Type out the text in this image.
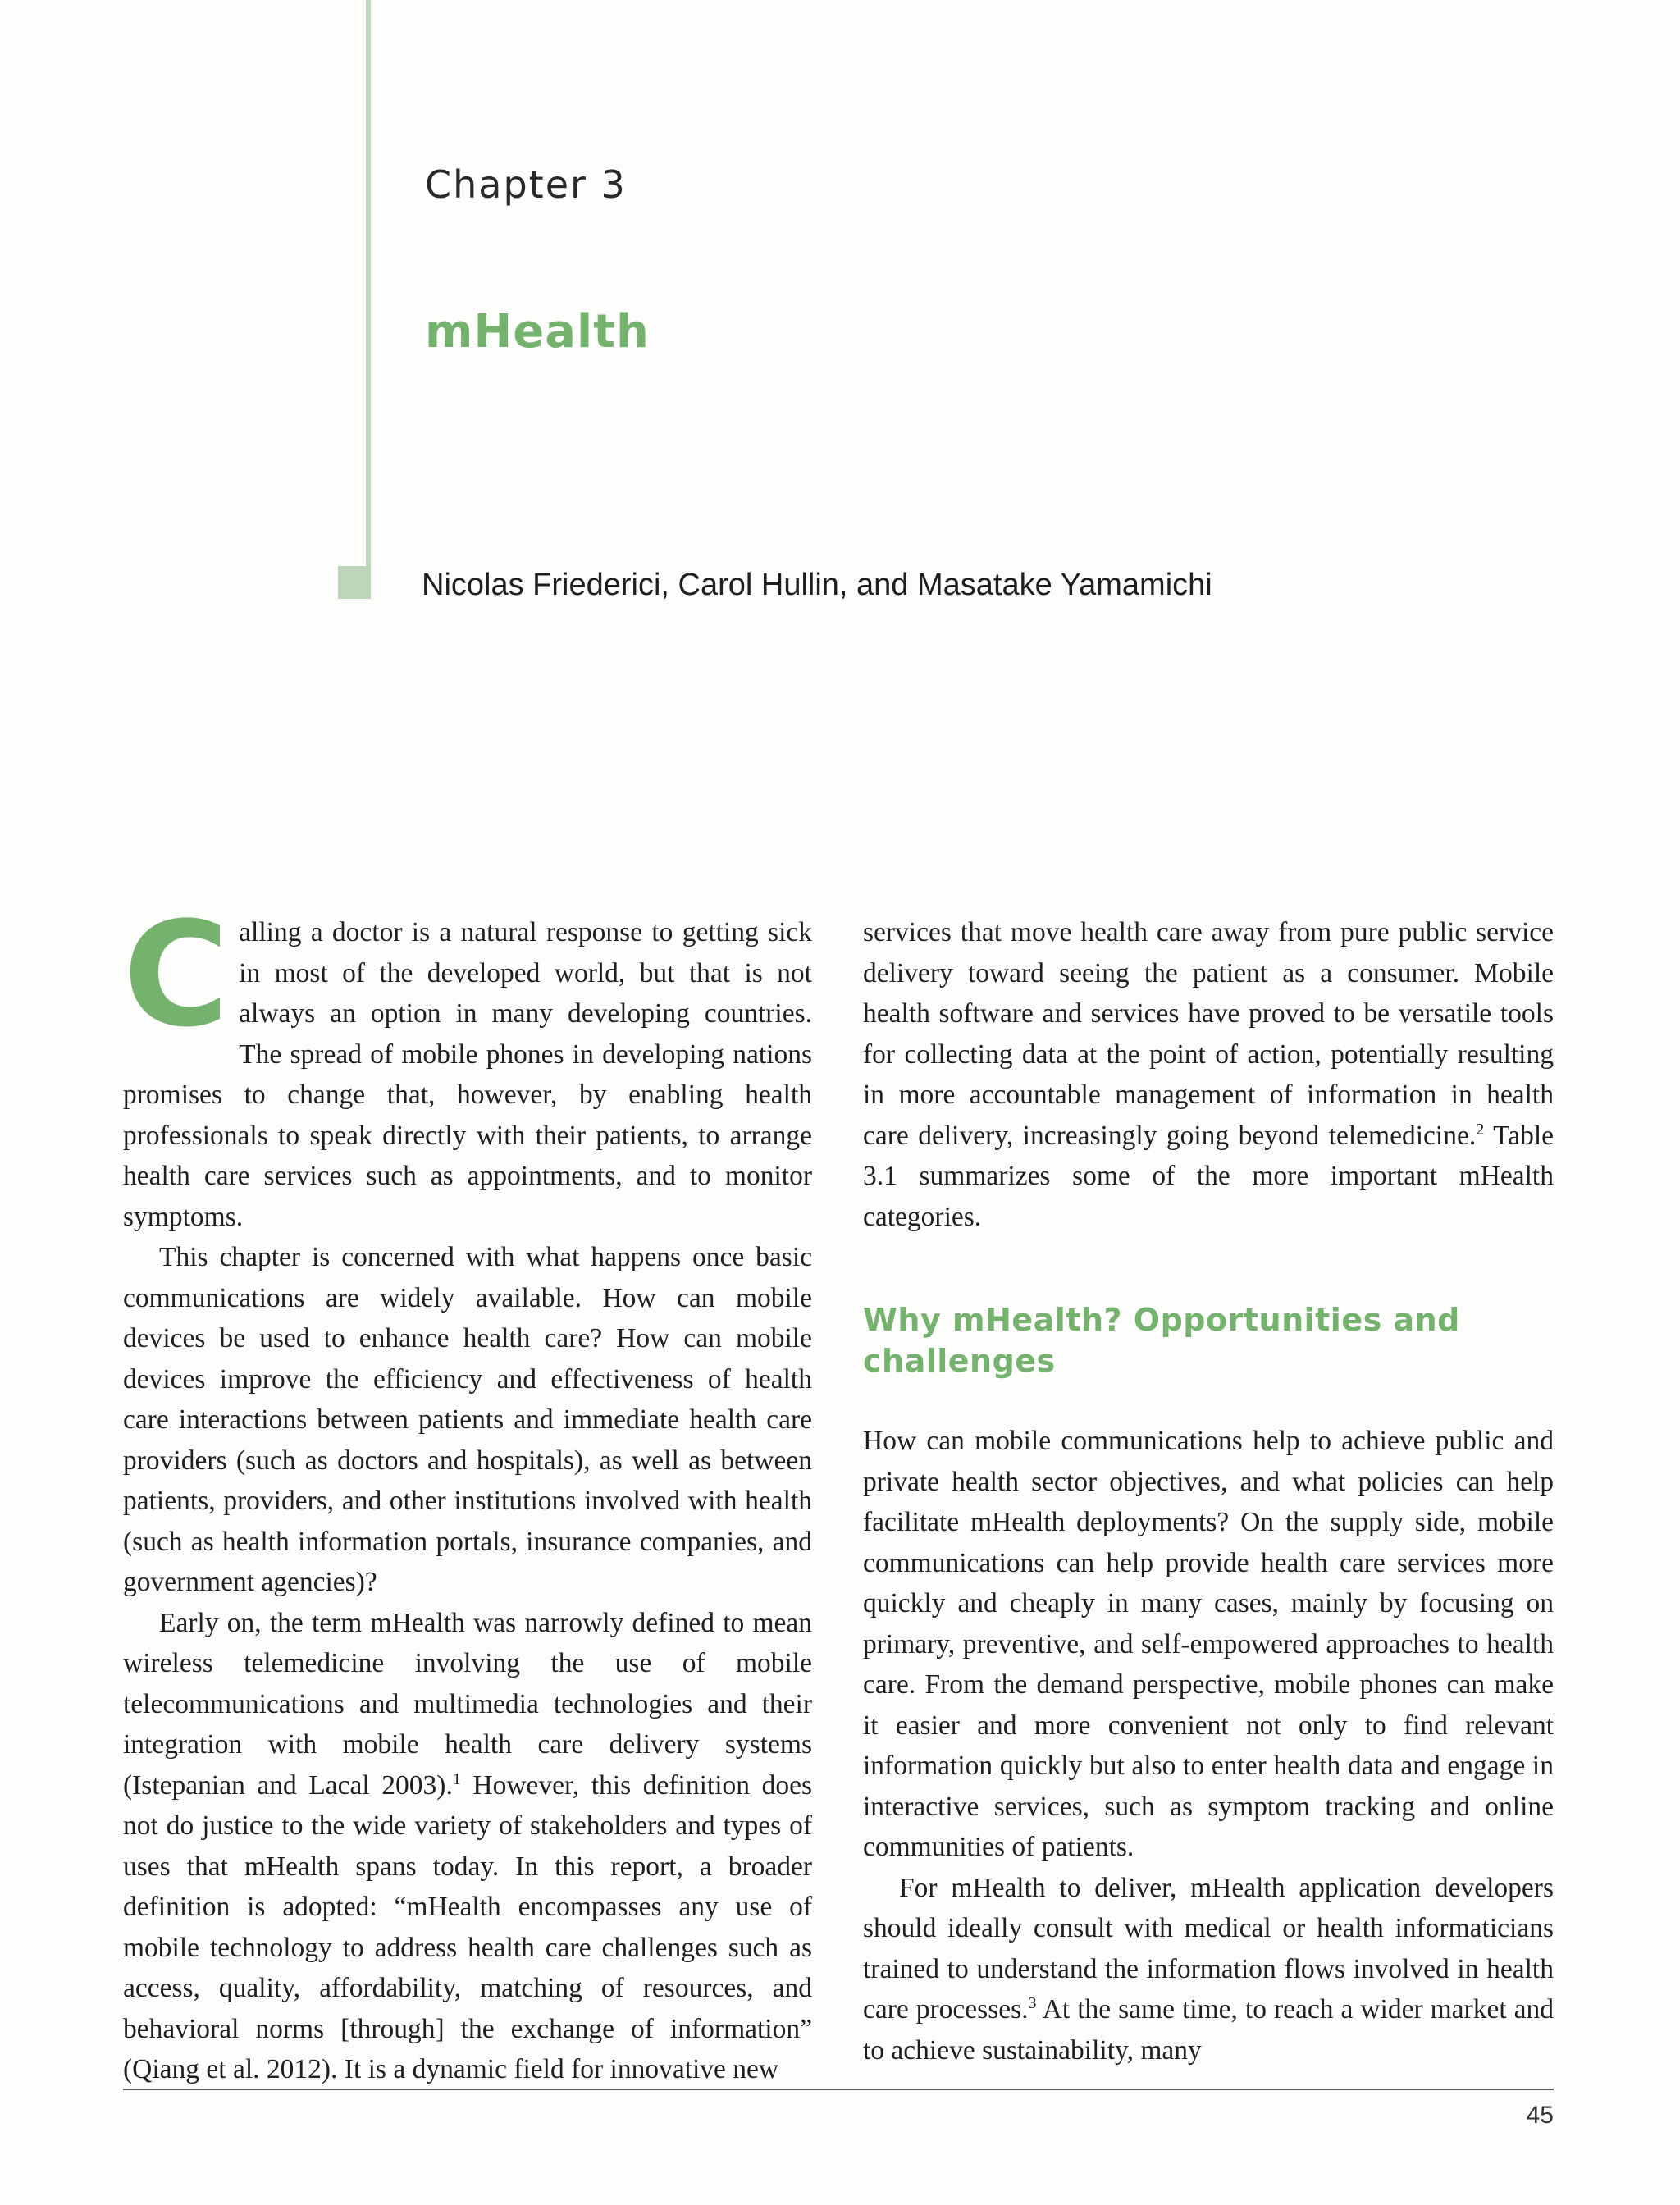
Chapter 3
mHealth
Nicolas Friederici, Carol Hullin, and Masatake Yamamichi

Calling a doctor is a natural response to getting sick in most of the developed world, but that is not always an option in many developing countries. The spread of mobile phones in developing nations promises to change that, however, by enabling health professionals to speak directly with their patients, to arrange health care services such as appointments, and to monitor symptoms.

This chapter is concerned with what happens once basic communications are widely available. How can mobile devices be used to enhance health care? How can mobile devices improve the efficiency and effectiveness of health care interactions between patients and immediate health care providers (such as doctors and hospitals), as well as between patients, providers, and other institutions involved with health (such as health information portals, insurance companies, and government agencies)?

Early on, the term mHealth was narrowly defined to mean wireless telemedicine involving the use of mobile telecommunications and multimedia technologies and their integration with mobile health care delivery systems (Istepanian and Lacal 2003).$^1$ However, this definition does not do justice to the wide variety of stakeholders and types of uses that mHealth spans today. In this report, a broader definition is adopted: “mHealth encompasses any use of mobile technology to address health care challenges such as access, quality, affordability, matching of resources, and behavioral norms [through] the exchange of information” (Qiang et al. 2012). It is a dynamic field for innovative new

services that move health care away from pure public service delivery toward seeing the patient as a consumer. Mobile health software and services have proved to be versatile tools for collecting data at the point of action, potentially resulting in more accountable management of information in health care delivery, increasingly going beyond telemedicine.$^2$ Table 3.1 summarizes some of the more important mHealth categories.

Why mHealth? Opportunities and challenges

How can mobile communications help to achieve public and private health sector objectives, and what policies can help facilitate mHealth deployments? On the supply side, mobile communications can help provide health care services more quickly and cheaply in many cases, mainly by focusing on primary, preventive, and self-empowered approaches to health care. From the demand perspective, mobile phones can make it easier and more convenient not only to find relevant information quickly but also to enter health data and engage in interactive services, such as symptom tracking and online communities of patients.

For mHealth to deliver, mHealth application developers should ideally consult with medical or health informaticians trained to understand the information flows involved in health care processes.$^3$ At the same time, to reach a wider market and to achieve sustainability, many

45
